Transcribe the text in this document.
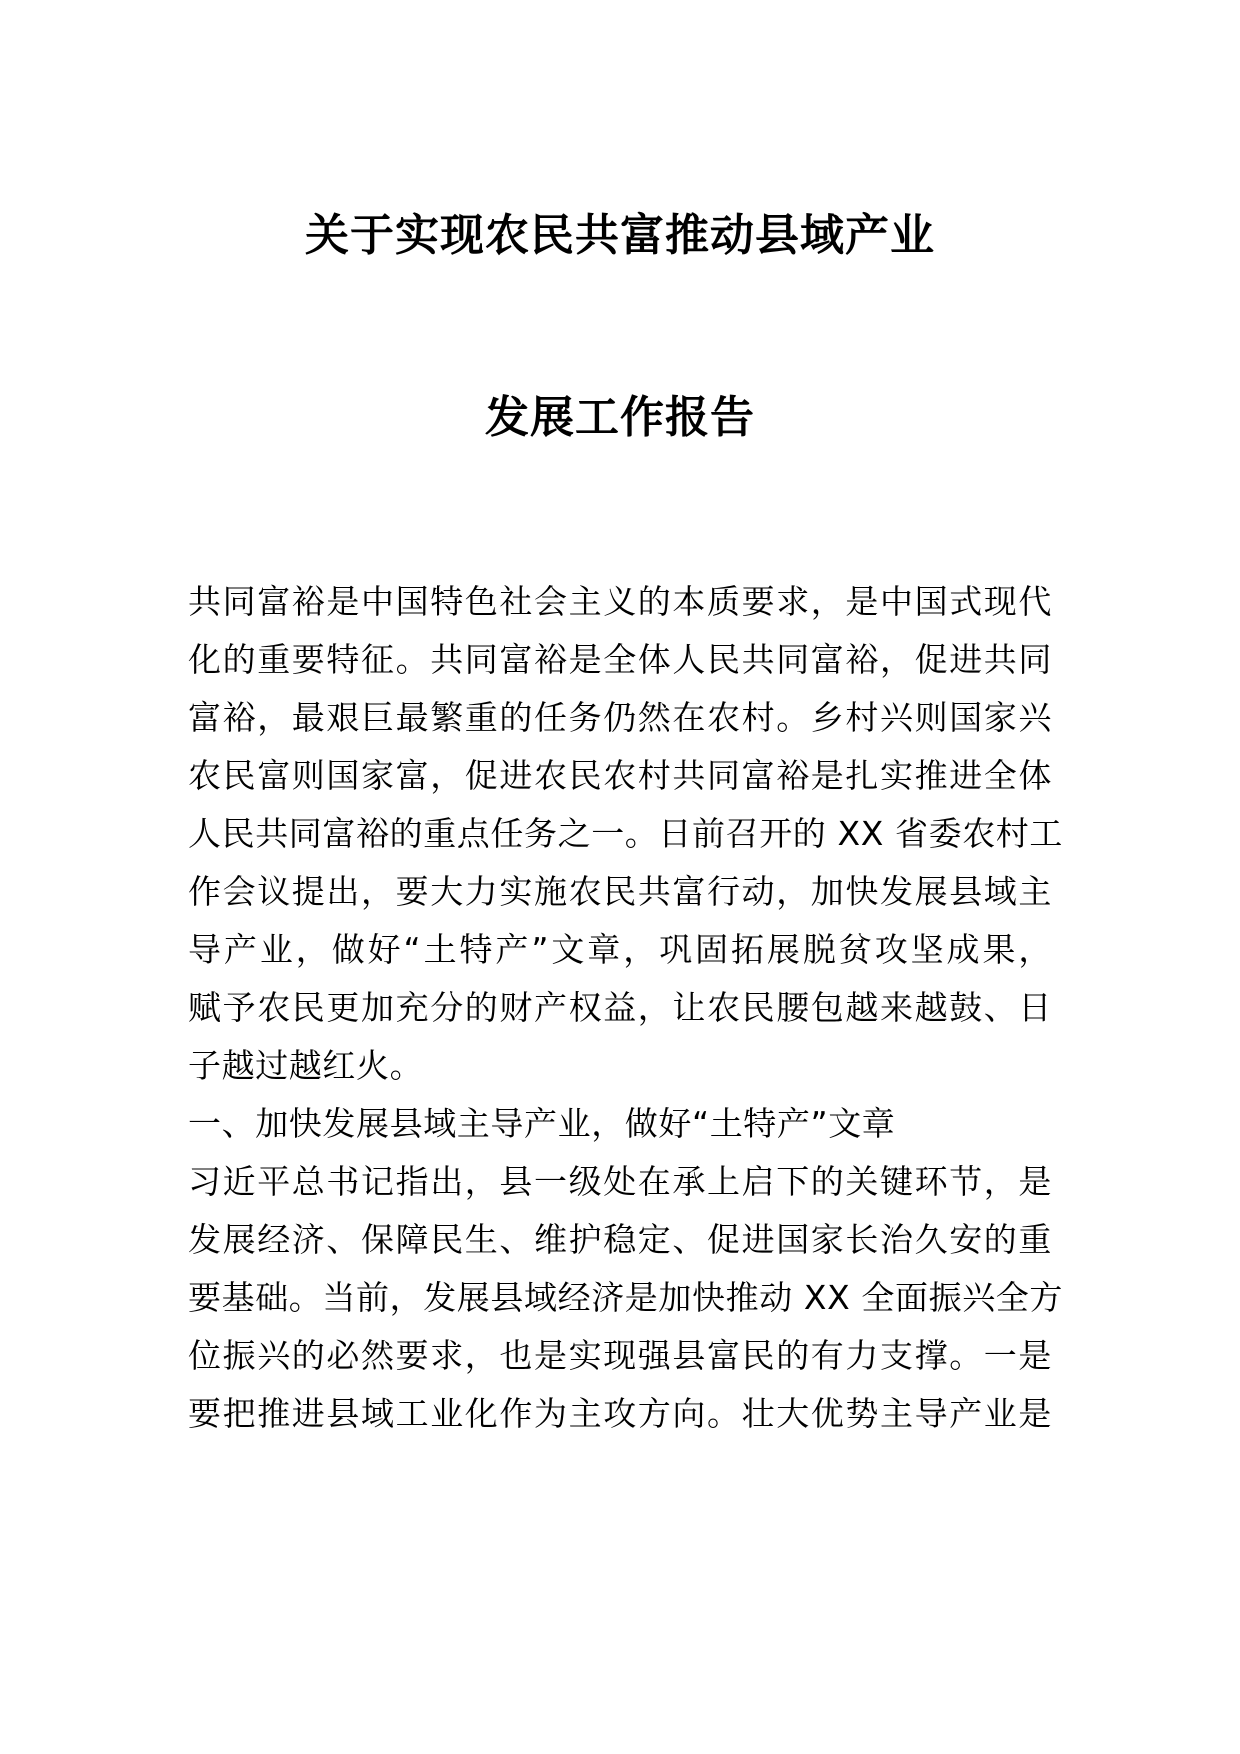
关于实现农民共富推动县域产业
发展工作报告
共同富裕是中国特色社会主义的本质要求，是中国式现代
化的重要特征。共同富裕是全体人民共同富裕，促进共同
富裕，最艰巨最繁重的任务仍然在农村。乡村兴则国家兴
农民富则国家富，促进农民农村共同富裕是扎实推进全体
人民共同富裕的重点任务之一。日前召开的 XX 省委农村工
作会议提出，要大力实施农民共富行动，加快发展县域主
导产业，做好“土特产”文章，巩固拓展脱贫攻坚成果，
赋予农民更加充分的财产权益，让农民腰包越来越鼓、日
子越过越红火。
一、加快发展县域主导产业，做好“土特产”文章
习近平总书记指出，县一级处在承上启下的关键环节，是
发展经济、保障民生、维护稳定、促进国家长治久安的重
要基础。当前，发展县域经济是加快推动 XX 全面振兴全方
位振兴的必然要求，也是实现强县富民的有力支撑。一是
要把推进县域工业化作为主攻方向。壮大优势主导产业是
